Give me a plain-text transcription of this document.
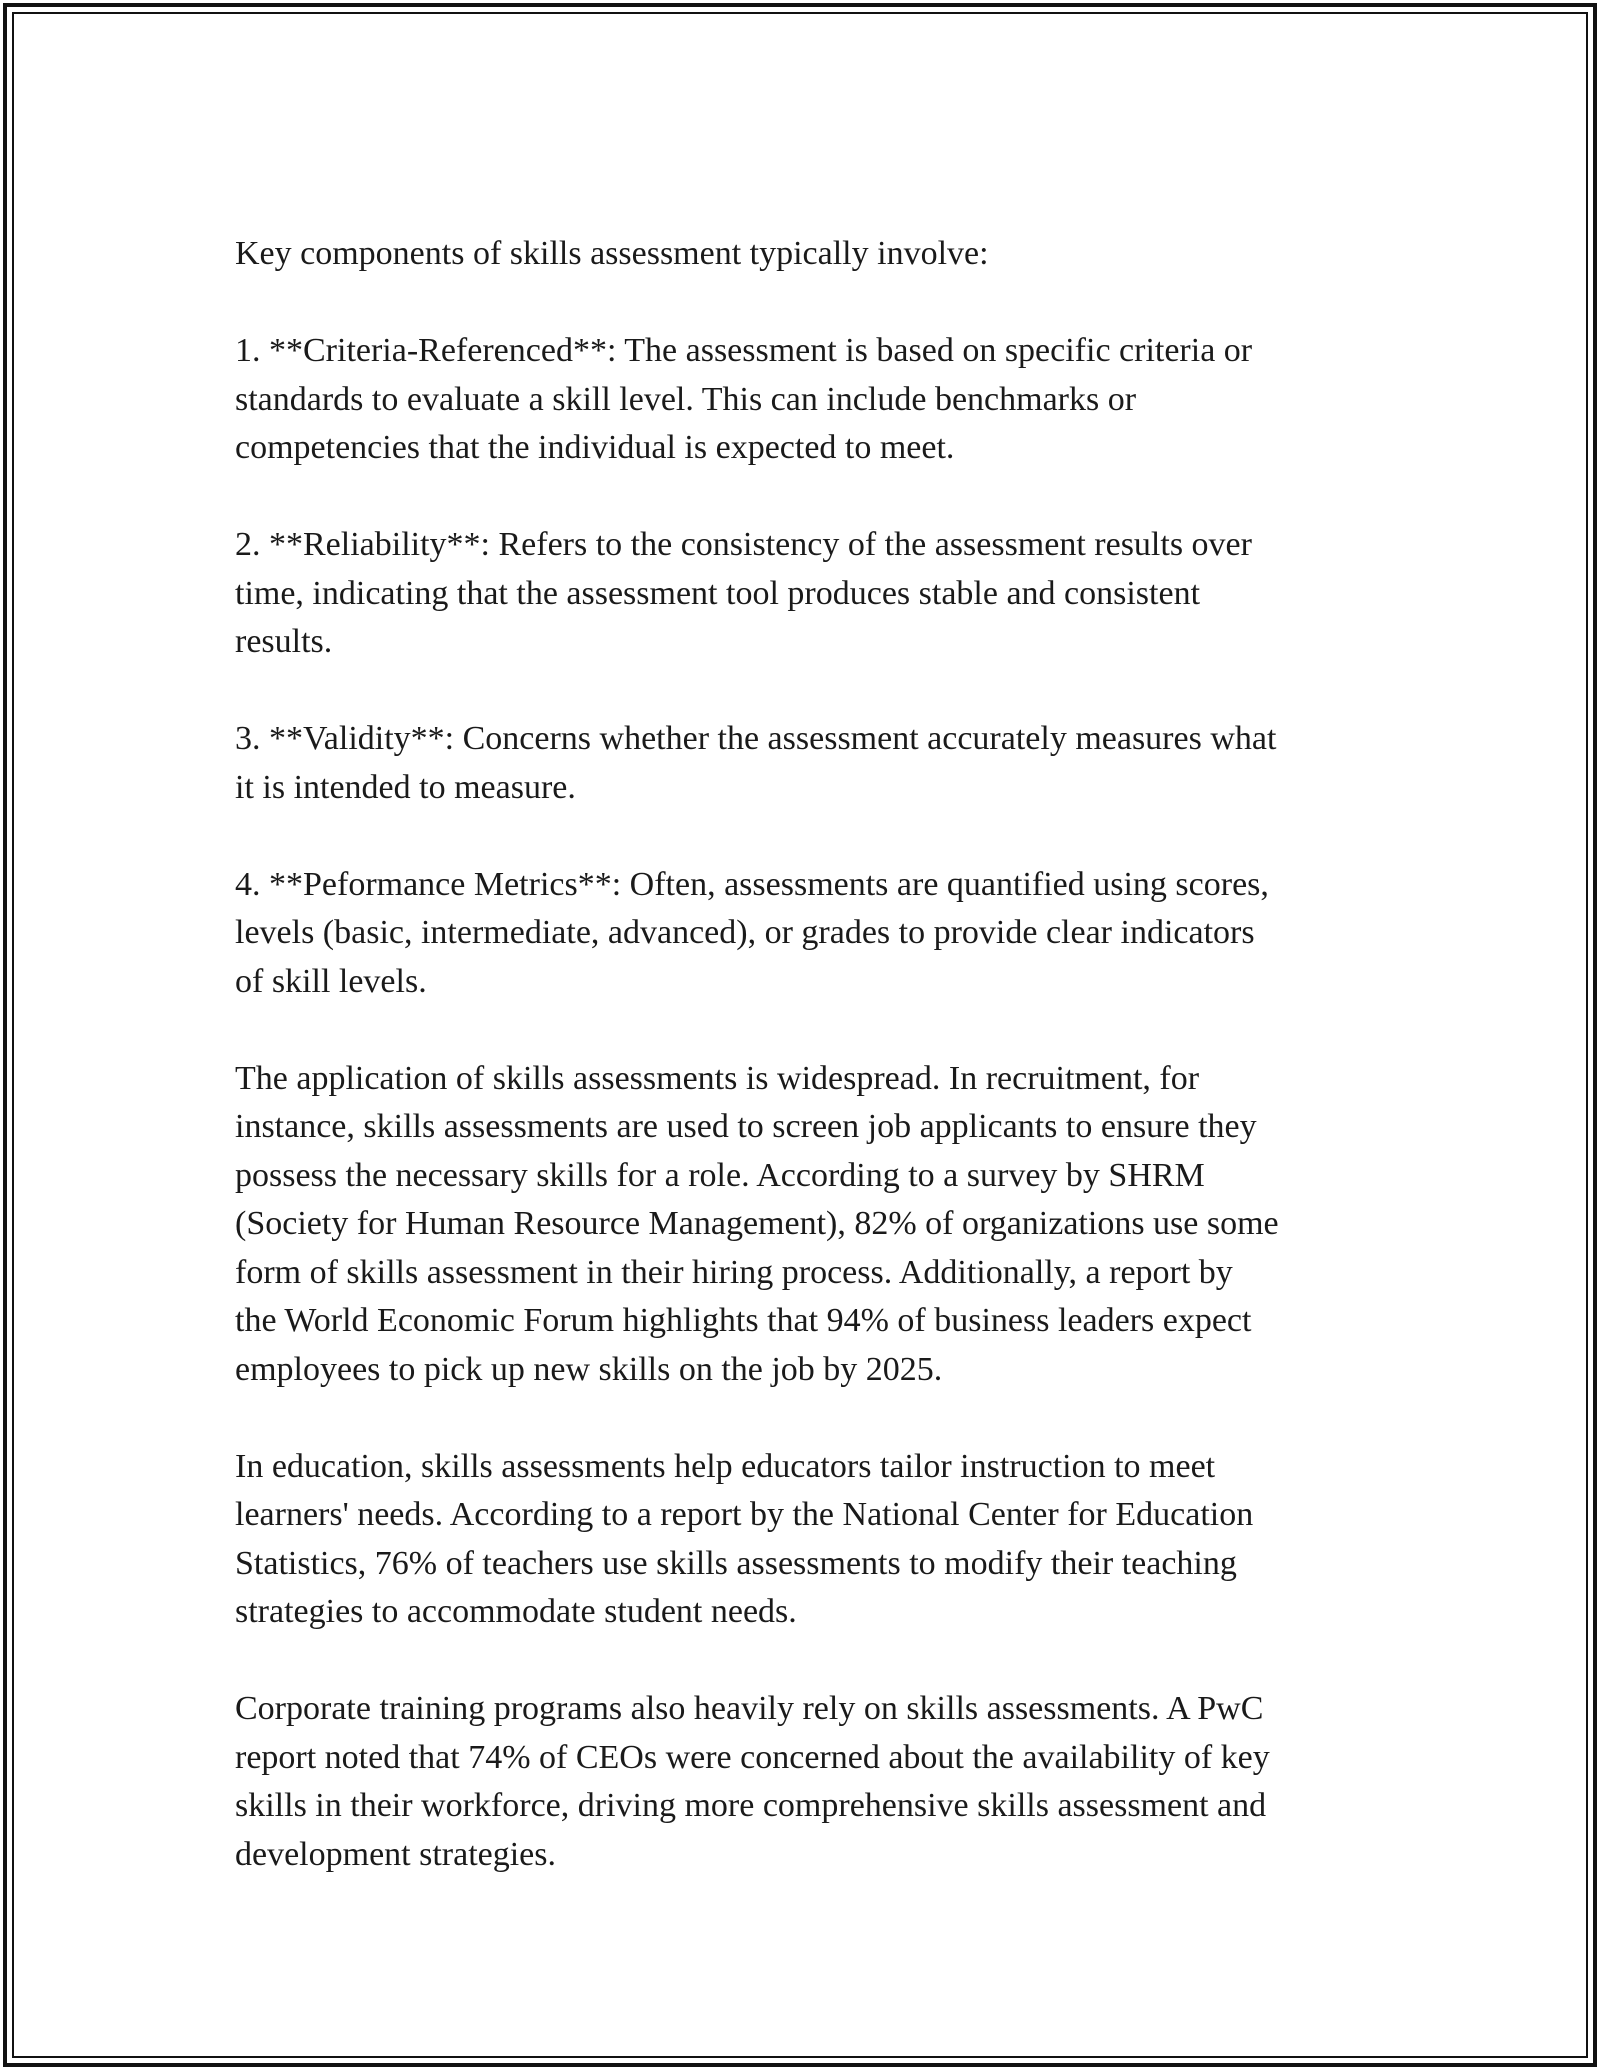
Key components of skills assessment typically involve:

1. **Criteria-Referenced**: The assessment is based on specific criteria or
standards to evaluate a skill level. This can include benchmarks or
competencies that the individual is expected to meet.

2. **Reliability**: Refers to the consistency of the assessment results over
time, indicating that the assessment tool produces stable and consistent
results.

3. **Validity**: Concerns whether the assessment accurately measures what
it is intended to measure.

4. **Peformance Metrics**: Often, assessments are quantified using scores,
levels (basic, intermediate, advanced), or grades to provide clear indicators
of skill levels.

The application of skills assessments is widespread. In recruitment, for
instance, skills assessments are used to screen job applicants to ensure they
possess the necessary skills for a role. According to a survey by SHRM
(Society for Human Resource Management), 82% of organizations use some
form of skills assessment in their hiring process. Additionally, a report by
the World Economic Forum highlights that 94% of business leaders expect
employees to pick up new skills on the job by 2025.

In education, skills assessments help educators tailor instruction to meet
learners' needs. According to a report by the National Center for Education
Statistics, 76% of teachers use skills assessments to modify their teaching
strategies to accommodate student needs.

Corporate training programs also heavily rely on skills assessments. A PwC
report noted that 74% of CEOs were concerned about the availability of key
skills in their workforce, driving more comprehensive skills assessment and
development strategies.
